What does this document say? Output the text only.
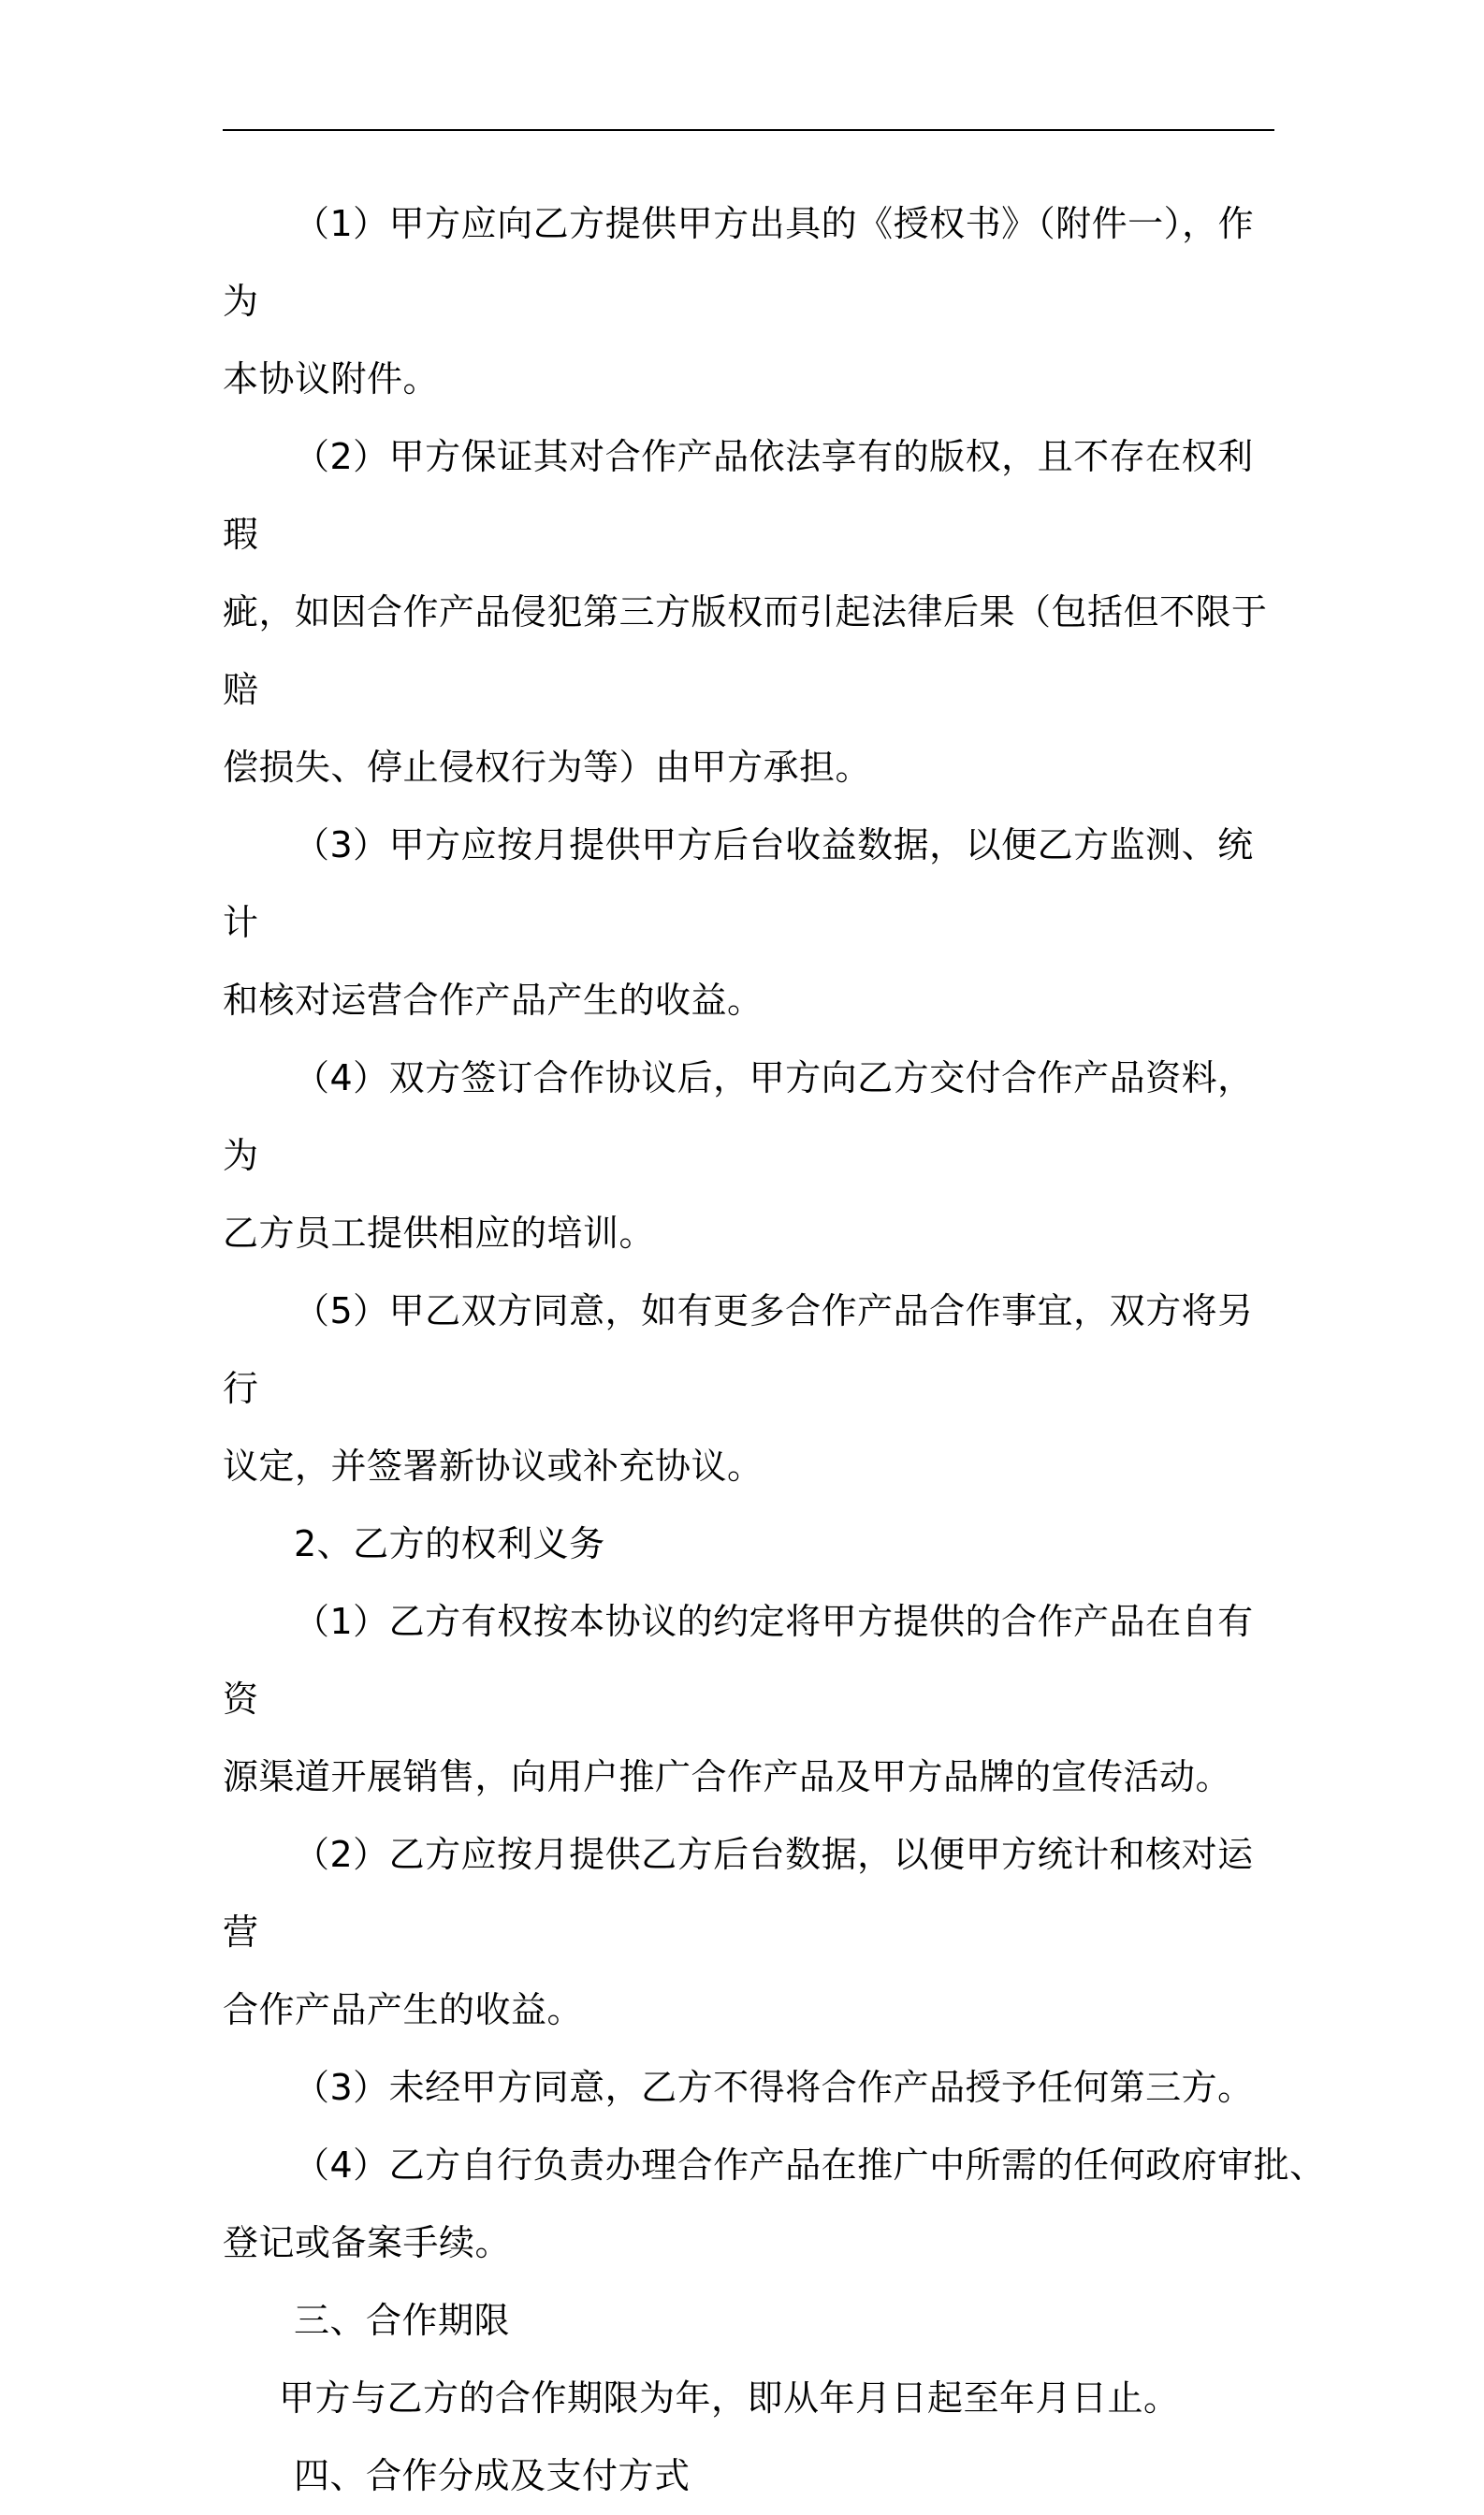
（1）甲方应向乙方提供甲方出具的《授权书》（附件一），作为
本协议附件。
（2）甲方保证其对合作产品依法享有的版权，且不存在权利瑕
疵，如因合作产品侵犯第三方版权而引起法律后果（包括但不限于赔
偿损失、停止侵权行为等）由甲方承担。
（3）甲方应按月提供甲方后台收益数据，以便乙方监测、统计
和核对运营合作产品产生的收益。
（4）双方签订合作协议后，甲方向乙方交付合作产品资料，为
乙方员工提供相应的培训。
（5）甲乙双方同意，如有更多合作产品合作事宜，双方将另行
议定，并签署新协议或补充协议。
2、乙方的权利义务
（1）乙方有权按本协议的约定将甲方提供的合作产品在自有资
源渠道开展销售，向用户推广合作产品及甲方品牌的宣传活动。
（2）乙方应按月提供乙方后台数据，以便甲方统计和核对运营
合作产品产生的收益。
（3）未经甲方同意，乙方不得将合作产品授予任何第三方。
（4）乙方自行负责办理合作产品在推广中所需的任何政府审批、
登记或备案手续。
三、合作期限
甲方与乙方的合作期限为年，即从年月日起至年月日止。
四、合作分成及支付方式
